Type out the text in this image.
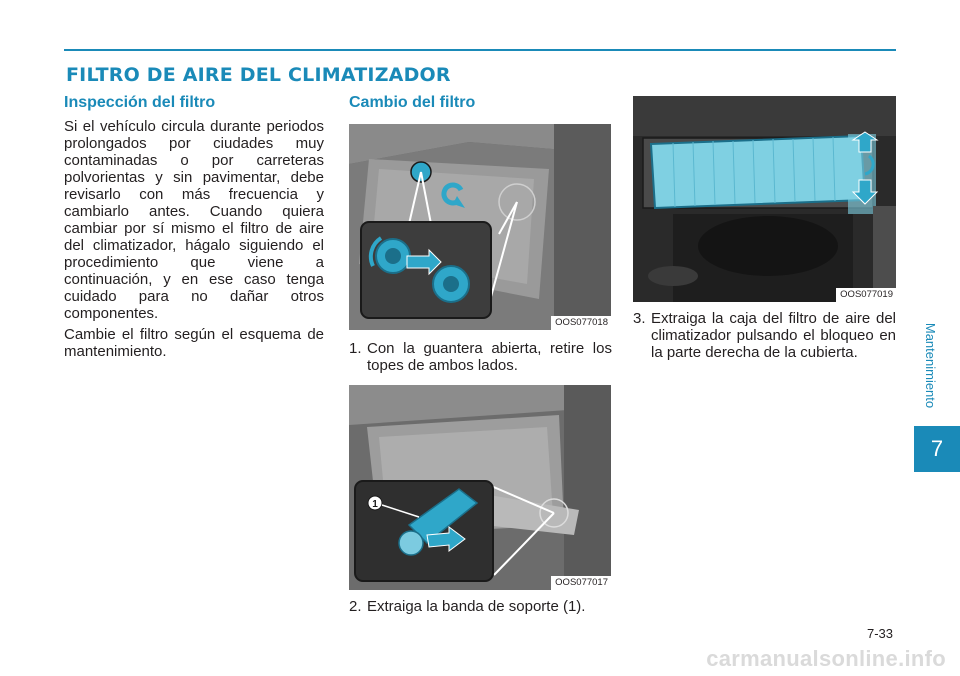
FILTRO DE AIRE DEL CLIMATIZADOR
Inspección del filtro

Si el vehículo circula durante periodos prolongados por ciudades muy contaminadas o por carreteras polvorientas y sin pavimentar, debe revisarlo con más frecuencia y cambiarlo antes. Cuando quiera cambiar por sí mismo el filtro de aire del climatizador, hágalo siguiendo el procedimiento que viene a continuación, y en ese caso tenga cuidado para no dañar otros componentes.

Cambie el filtro según el esquema de mantenimiento.

Cambio del filtro
OOS077018
1. Con la guantera abierta, retire los topes de ambos lados.
1
OOS077017
2. Extraiga la banda de soporte (1).
OOS077019
3. Extraiga la caja del filtro de aire del climatizador pulsando el bloqueo en la parte derecha de la cubierta.	Mantenimiento
7
7-33
carmanualsonline.info
